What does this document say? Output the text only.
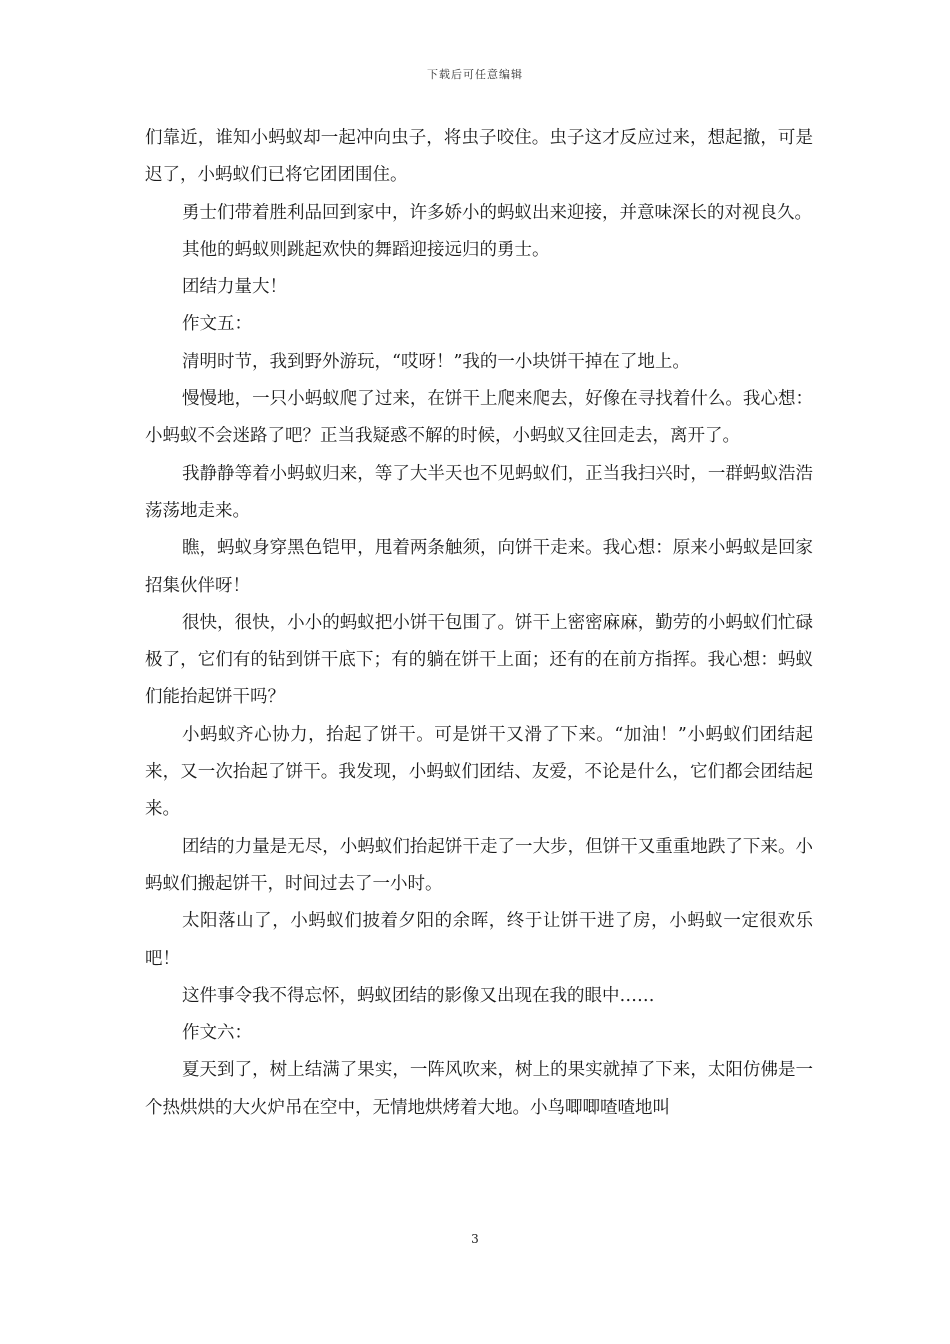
下载后可任意编辑

们靠近，谁知小蚂蚁却一起冲向虫子，将虫子咬住。虫子这才反应过来，想起撤，可是迟了，小蚂蚁们已将它团团围住。

勇士们带着胜利品回到家中，许多娇小的蚂蚁出来迎接，并意味深长的对视良久。

其他的蚂蚁则跳起欢快的舞蹈迎接远归的勇士。

团结力量大！

作文五：

清明时节，我到野外游玩，“哎呀！”我的一小块饼干掉在了地上。

慢慢地，一只小蚂蚁爬了过来，在饼干上爬来爬去，好像在寻找着什么。我心想：小蚂蚁不会迷路了吧？正当我疑惑不解的时候，小蚂蚁又往回走去，离开了。

我静静等着小蚂蚁归来，等了大半天也不见蚂蚁们，正当我扫兴时，一群蚂蚁浩浩荡荡地走来。

瞧，蚂蚁身穿黑色铠甲，甩着两条触须，向饼干走来。我心想：原来小蚂蚁是回家招集伙伴呀！

很快，很快，小小的蚂蚁把小饼干包围了。饼干上密密麻麻，勤劳的小蚂蚁们忙碌极了，它们有的钻到饼干底下；有的躺在饼干上面；还有的在前方指挥。我心想：蚂蚁们能抬起饼干吗？

小蚂蚁齐心协力，抬起了饼干。可是饼干又滑了下来。“加油！”小蚂蚁们团结起来，又一次抬起了饼干。我发现，小蚂蚁们团结、友爱，不论是什么，它们都会团结起来。

团结的力量是无尽，小蚂蚁们抬起饼干走了一大步，但饼干又重重地跌了下来。小蚂蚁们搬起饼干，时间过去了一小时。

太阳落山了，小蚂蚁们披着夕阳的余晖，终于让饼干进了房，小蚂蚁一定很欢乐吧！

这件事令我不得忘怀，蚂蚁团结的影像又出现在我的眼中……

作文六：

夏天到了，树上结满了果实，一阵风吹来，树上的果实就掉了下来，太阳仿佛是一个热烘烘的大火炉吊在空中，无情地烘烤着大地。小鸟唧唧喳喳地叫

3
